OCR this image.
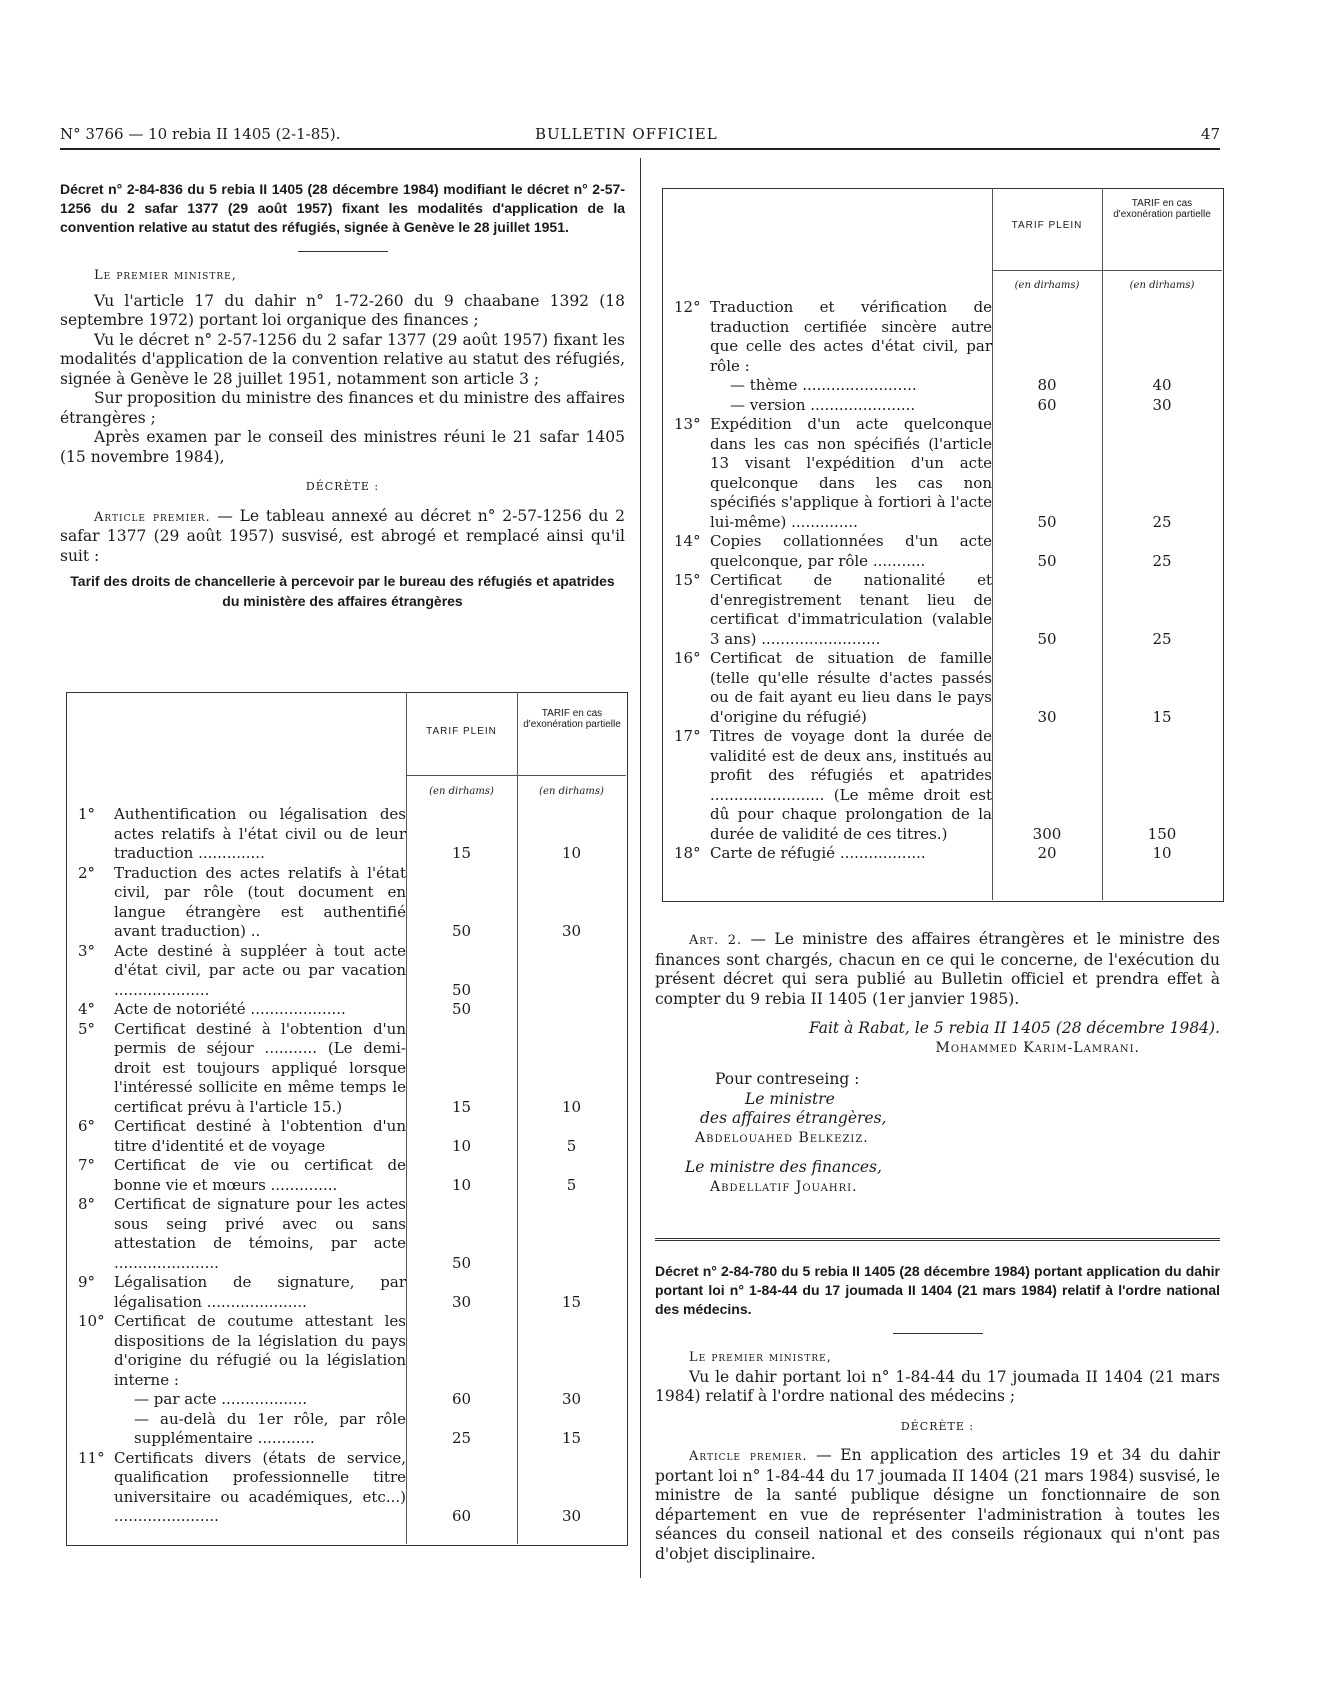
N° 3766 — 10 rebia II 1405 (2-1-85).	BULLETIN OFFICIEL	47

Décret n° 2-84-836 du 5 rebia II 1405 (28 décembre 1984) modifiant le décret n° 2-57-1256 du 2 safar 1377 (29 août 1957) fixant les modalités d'application de la convention relative au statut des réfugiés, signée à Genève le 28 juillet 1951.

Le premier ministre,

Vu l'article 17 du dahir n° 1-72-260 du 9 chaabane 1392 (18 septembre 1972) portant loi organique des finances ;

Vu le décret n° 2-57-1256 du 2 safar 1377 (29 août 1957) fixant les modalités d'application de la convention relative au statut des réfugiés, signée à Genève le 28 juillet 1951, notamment son article 3 ;

Sur proposition du ministre des finances et du ministre des affaires étrangères ;

Après examen par le conseil des ministres réuni le 21 safar 1405 (15 novembre 1984),

DÉCRÈTE :

Article premier. — Le tableau annexé au décret n° 2-57-1256 du 2 safar 1377 (29 août 1957) susvisé, est abrogé et remplacé ainsi qu'il suit :

Tarif des droits de chancellerie à percevoir par le bureau des réfugiés et apatrides du ministère des affaires étrangères

TARIF PLEIN
TARIF en cas d'exonération partielle
(en dirhams)	(en dirhams)
1° Authentification ou légalisation des actes relatifs à l'état civil ou de leur traduction ..............	15	10

2° Traduction des actes relatifs à l'état civil, par rôle (tout document en langue étrangère est authentifié avant traduction) ..	50	30

3° Acte destiné à suppléer à tout acte d'état civil, par acte ou par vacation ....................	50	

4° Acte de notoriété ....................	50	

5° Certificat destiné à l'obtention d'un permis de séjour ........... (Le demi-droit est toujours appliqué lorsque l'intéressé sollicite en même temps le certificat prévu à l'article 15.)	15	10

6° Certificat destiné à l'obtention d'un titre d'identité et de voyage	10	5

7° Certificat de vie ou certificat de bonne vie et mœurs ..............	10	5

8° Certificat de signature pour les actes sous seing privé avec ou sans attestation de témoins, par acte ......................	50	

9° Légalisation de signature, par légalisation .....................	30	15

10° Certificat de coutume attestant les dispositions de la législation du pays d'origine du réfugié ou la législation interne :		

— par acte ..................	60	30

— au-delà du 1er rôle, par rôle supplémentaire ............	25	15

11° Certificats divers (états de service, qualification professionnelle titre universitaire ou académiques, etc...) ......................	60	30
TARIF PLEIN
TARIF en cas d'exonération partielle
(en dirhams)	(en dirhams)
12° Traduction et vérification de traduction certifiée sincère autre que celle des actes d'état civil, par rôle :		

— thème ........................	80	40

— version ......................	60	30

13° Expédition d'un acte quelconque dans les cas non spécifiés (l'article 13 visant l'expédition d'un acte quelconque dans les cas non spécifiés s'applique à fortiori à l'acte lui-même) ..............	50	25

14° Copies collationnées d'un acte quelconque, par rôle ...........	50	25

15° Certificat de nationalité et d'enregistrement tenant lieu de certificat d'immatriculation (valable 3 ans) .........................	50	25

16° Certificat de situation de famille (telle qu'elle résulte d'actes passés ou de fait ayant eu lieu dans le pays d'origine du réfugié)	30	15

17° Titres de voyage dont la durée de validité est de deux ans, institués au profit des réfugiés et apatrides ........................ (Le même droit est dû pour chaque prolongation de la durée de validité de ces titres.)	300	150

18° Carte de réfugié ..................	20	10

Art. 2. — Le ministre des affaires étrangères et le ministre des finances sont chargés, chacun en ce qui le concerne, de l'exécution du présent décret qui sera publié au Bulletin officiel et prendra effet à compter du 9 rebia II 1405 (1er janvier 1985).

Fait à Rabat, le 5 rebia II 1405 (28 décembre 1984).

Mohammed Karim-Lamrani.

Pour contreseing :

Le ministre

des affaires étrangères,

Abdelouahed Belkeziz.

Le ministre des finances,

Abdellatif Jouahri.

Décret n° 2-84-780 du 5 rebia II 1405 (28 décembre 1984) portant application du dahir portant loi n° 1-84-44 du 17 joumada II 1404 (21 mars 1984) relatif à l'ordre national des médecins.

Le premier ministre,

Vu le dahir portant loi n° 1-84-44 du 17 joumada II 1404 (21 mars 1984) relatif à l'ordre national des médecins ;

DÉCRÈTE :

Article premier. — En application des articles 19 et 34 du dahir portant loi n° 1-84-44 du 17 joumada II 1404 (21 mars 1984) susvisé, le ministre de la santé publique désigne un fonctionnaire de son département en vue de représenter l'administration à toutes les séances du conseil national et des conseils régionaux qui n'ont pas d'objet disciplinaire.
